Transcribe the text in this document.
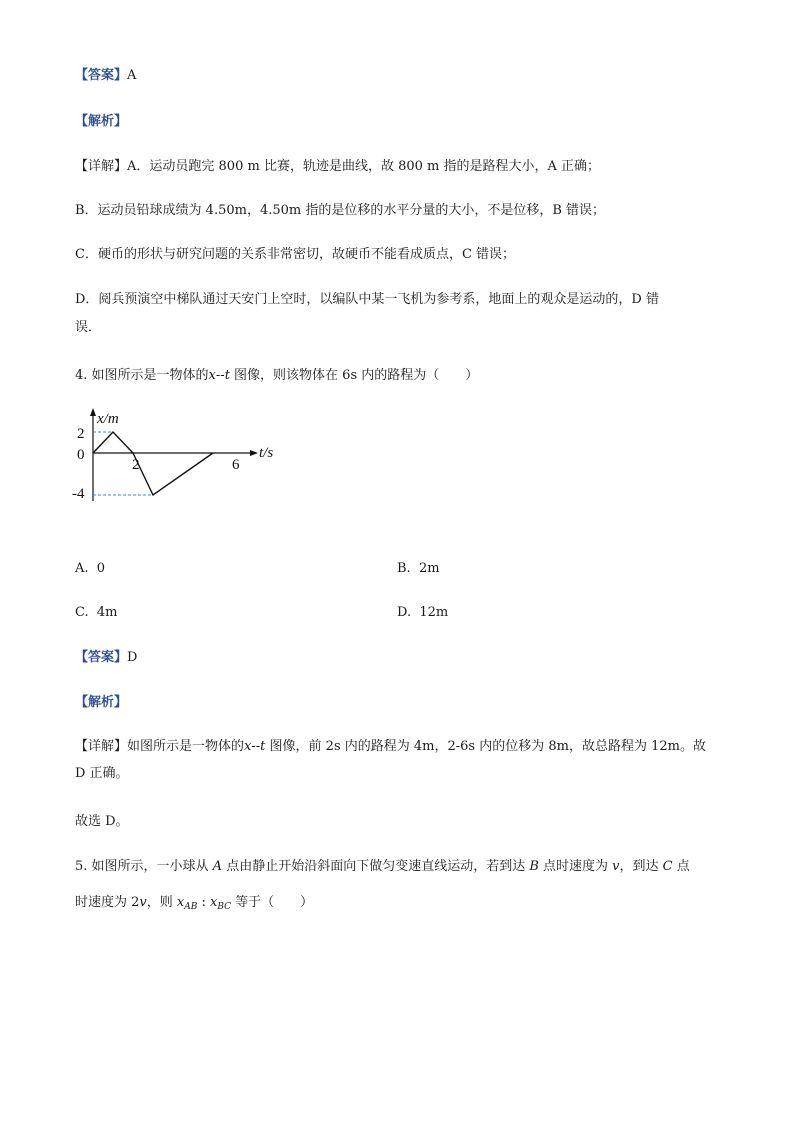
【答案】A
【解析】
【详解】A．运动员跑完 800 m 比赛，轨迹是曲线，故 800 m 指的是路程大小，A 正确；
B．运动员铅球成绩为 4.50m，4.50m 指的是位移的水平分量的大小，不是位移，B 错误；
C．硬币的形状与研究问题的关系非常密切，故硬币不能看成质点，C 错误；
D．阅兵预演空中梯队通过天安门上空时，以编队中某一飞机为参考系，地面上的观众是运动的，D 错
误．
4. 如图所示是一物体的x--t 图像，则该物体在 6s 内的路程为（　　）
x/m
2
0
-4
2	6
t/s
A. 0	B. 2m
C. 4m	D. 12m
【答案】D
【解析】
【详解】如图所示是一物体的x--t 图像，前 2s 内的路程为 4m，2-6s 内的位移为 8m，故总路程为 12m。故
D 正确。
故选 D。
5. 如图所示，一小球从 A 点由静止开始沿斜面向下做匀变速直线运动，若到达 B 点时速度为 v，到达 C 点
时速度为 2v，则 $x_{AB}$ : $x_{BC}$ 等于（　　）
